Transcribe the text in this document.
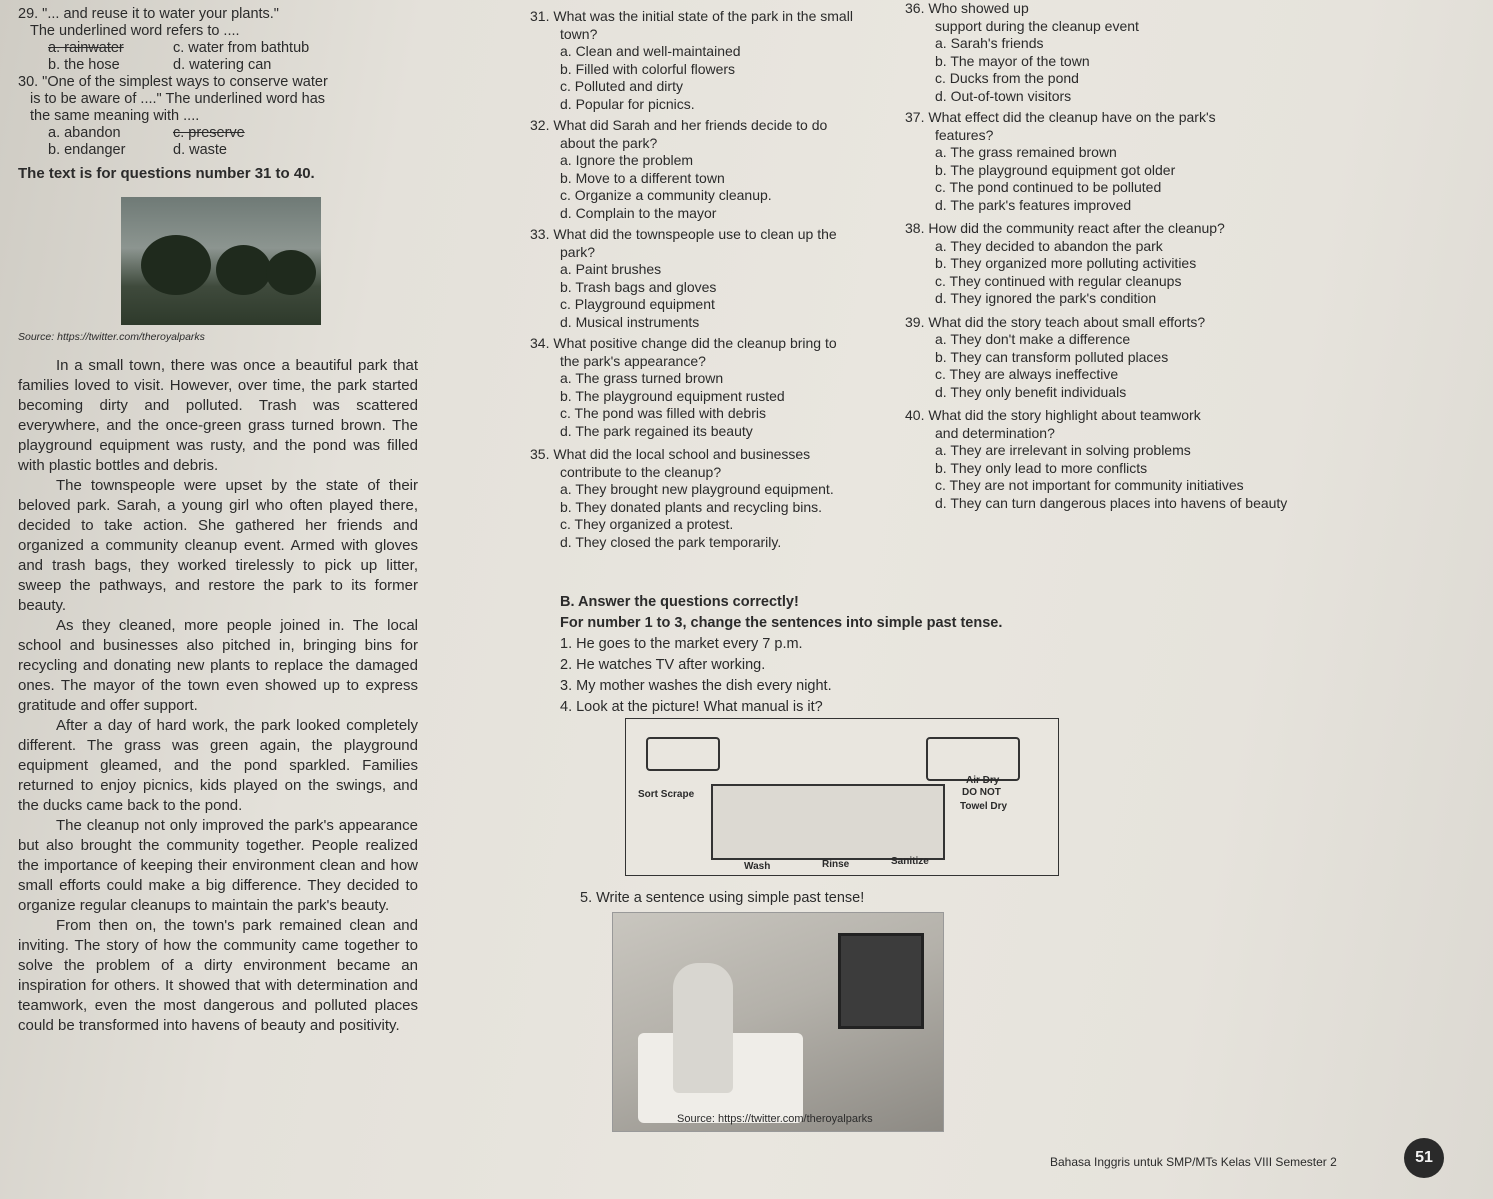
29. "... and reuse it to water your plants."

The underlined word refers to ....

a. rainwater	c. water from bathtub
b. the hose	d. watering can

30. "One of the simplest ways to conserve water

is to be aware of ...." The underlined word has

the same meaning with ....

a. abandon	c. preserve
b. endanger	d. waste

The text is for questions number 31 to 40.

Source: https://twitter.com/theroyalparks

In a small town, there was once a beautiful park that families loved to visit. However, over time, the park started becoming dirty and polluted. Trash was scattered everywhere, and the once-green grass turned brown. The playground equipment was rusty, and the pond was filled with plastic bottles and debris.

The townspeople were upset by the state of their beloved park. Sarah, a young girl who often played there, decided to take action. She gathered her friends and organized a community cleanup event. Armed with gloves and trash bags, they worked tirelessly to pick up litter, sweep the pathways, and restore the park to its former beauty.

As they cleaned, more people joined in. The local school and businesses also pitched in, bringing bins for recycling and donating new plants to replace the damaged ones. The mayor of the town even showed up to express gratitude and offer support.

After a day of hard work, the park looked completely different. The grass was green again, the playground equipment gleamed, and the pond sparkled. Families returned to enjoy picnics, kids played on the swings, and the ducks came back to the pond.

The cleanup not only improved the park's appearance but also brought the community together. People realized the importance of keeping their environment clean and how small efforts could make a big difference. They decided to organize regular cleanups to maintain the park's beauty.

From then on, the town's park remained clean and inviting. The story of how the community came together to solve the problem of a dirty environment became an inspiration for others. It showed that with determination and teamwork, even the most dangerous and polluted places could be transformed into havens of beauty and positivity.

31. What was the initial state of the park in the small

town?

a. Clean and well-maintained

b. Filled with colorful flowers

c. Polluted and dirty

d. Popular for picnics.

32. What did Sarah and her friends decide to do

about the park?

a. Ignore the problem

b. Move to a different town

c. Organize a community cleanup.

d. Complain to the mayor

33. What did the townspeople use to clean up the

park?

a. Paint brushes

b. Trash bags and gloves

c. Playground equipment

d. Musical instruments

34. What positive change did the cleanup bring to

the park's appearance?

a. The grass turned brown

b. The playground equipment rusted

c. The pond was filled with debris

d. The park regained its beauty

35. What did the local school and businesses

contribute to the cleanup?

a. They brought new playground equipment.

b. They donated plants and recycling bins.

c. They organized a protest.

d. They closed the park temporarily.

36. Who showed up

support during the cleanup event

a. Sarah's friends

b. The mayor of the town

c. Ducks from the pond

d. Out-of-town visitors

37. What effect did the cleanup have on the park's

features?

a. The grass remained brown

b. The playground equipment got older

c. The pond continued to be polluted

d. The park's features improved

38. How did the community react after the cleanup?

a. They decided to abandon the park

b. They organized more polluting activities

c. They continued with regular cleanups

d. They ignored the park's condition

39. What did the story teach about small efforts?

a. They don't make a difference

b. They can transform polluted places

c. They are always ineffective

d. They only benefit individuals

40. What did the story highlight about teamwork

and determination?

a. They are irrelevant in solving problems

b. They only lead to more conflicts

c. They are not important for community initiatives

d. They can turn dangerous places into havens of beauty

B. Answer the questions correctly!

For number 1 to 3, change the sentences into simple past tense.

1. He goes to the market every 7 p.m.

2. He watches TV after working.

3. My mother washes the dish every night.

4. Look at the picture! What manual is it?

Sort Scrape
Air Dry
DO NOT
Towel Dry
Wash	Rinse	Sanitize

5. Write a sentence using simple past tense!

Source: https://twitter.com/theroyalparks
Bahasa Inggris untuk SMP/MTs Kelas VIII Semester 2	51
